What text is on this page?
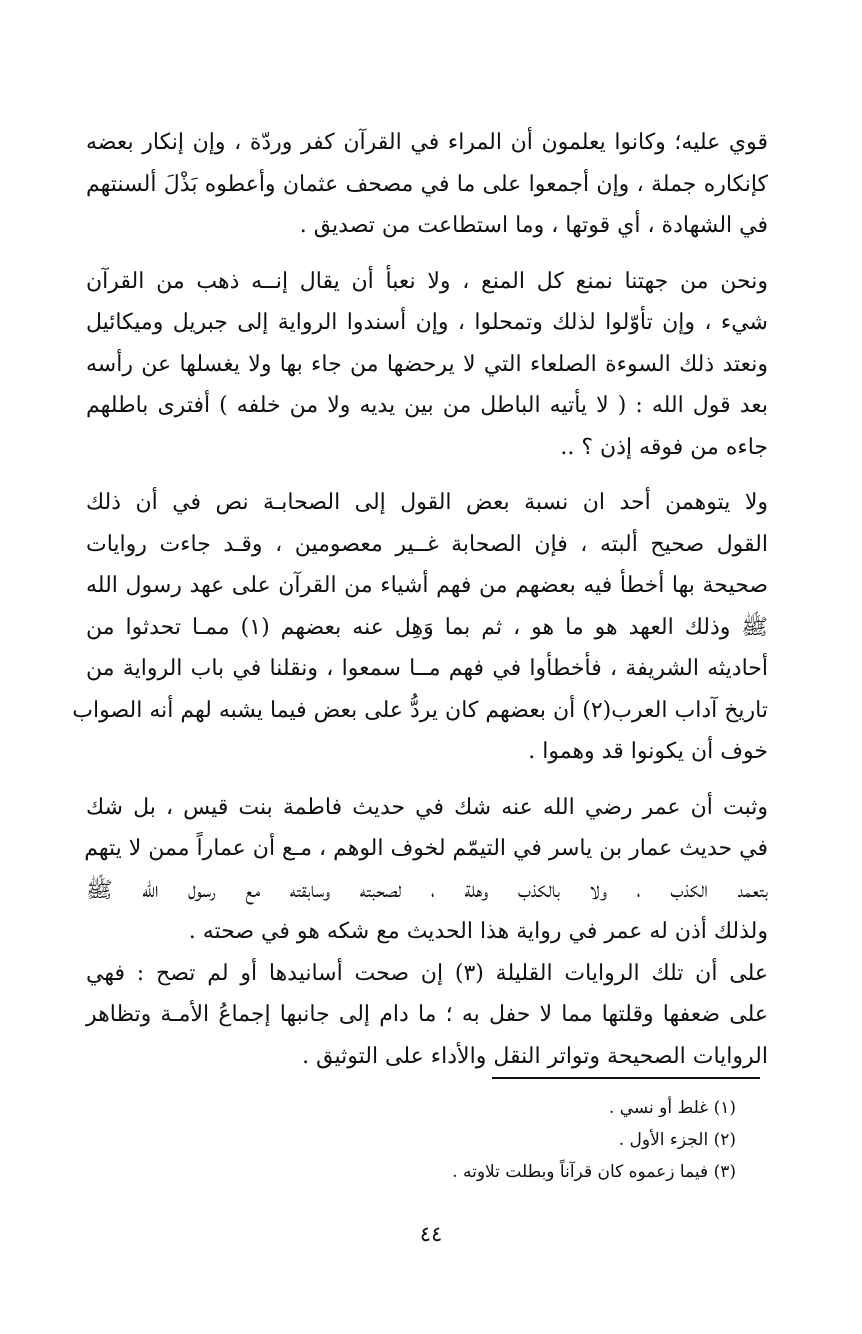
قوي عليه؛ وكانوا يعلمون أن المراء في القرآن كفر وردّة ، وإن إنكار بعضه
كإنكاره جملة ، وإن أجمعوا على ما في مصحف عثمان وأعطوه بَذْلَ ألسنتهم
في الشهادة ، أي قوتها ، وما استطاعت من تصديق .

ونحن من جهتنا نمنع كل المنع ، ولا نعبأ أن يقال إنــه ذهب من القرآن
شيء ، وإن تأوّلوا لذلك وتمحلوا ، وإن أسندوا الرواية إلى جبريل وميكائيل
ونعتد ذلك السوءة الصلعاء التي لا يرحضها من جاء بها ولا يغسلها عن رأسه
بعد قول الله : ( لا يأتيه الباطل من بين يديه ولا من خلفه ) أفترى باطلهم
جاءه من فوقه إذن ؟ ..

ولا يتوهمن أحد ان نسبة بعض القول إلى الصحابـة نص في أن ذلك
القول صحيح ألبته ، فإن الصحابة غــير معصومين ، وقـد جاءت روايات
صحيحة بها أخطأ فيه بعضهم من فهم أشياء من القرآن على عهد رسول الله
ﷺ وذلك العهد هو ما هو ، ثم بما وَهِل عنه بعضهم (١) ممـا تحدثوا من
أحاديثه الشريفة ، فأخطأوا في فهم مــا سمعوا ، ونقلنا في باب الرواية من
تاريخ آداب العرب(٢) أن بعضهم كان يردُّ على بعض فيما يشبه لهم أنه الصواب
خوف أن يكونوا قد وهموا .

وثبت أن عمر رضي الله عنه شك في حديث فاطمة بنت قيس ، بل شك
في حديث عمار بن ياسر في التيمّم لخوف الوهم ، مـع أن عماراً ممن لا يتهم
بتعمد الكذب ، ولا بالكذب وهلة ، لصحبته وسابقته مع رسول الله ﷺ
ولذلك أذن له عمر في رواية هذا الحديث مع شكه هو في صحته .

على أن تلك الروايات القليلة (٣) إن صحت أسانيدها أو لم تصح : فهي
على ضعفها وقلتها مما لا حفل به ؛ ما دام إلى جانبها إجماعُ الأمـة وتظاهر
الروايات الصحيحة وتواتر النقل والأداء على التوثيق .

(١) غلط أو نسي .
(٢) الجزء الأول .
(٣) فيما زعموه كان قرآناً وبطلت تلاوته .
٤٤
